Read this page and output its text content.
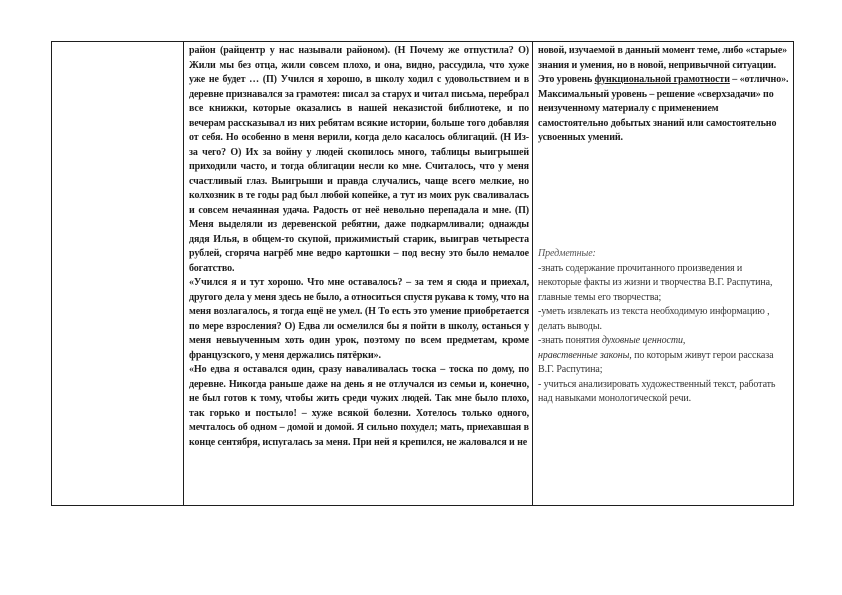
район (райцентр у нас называли районом). (Н Почему же отпустила? О) Жили мы без отца, жили совсем плохо, и она, видно, рассудила, что хуже уже не будет … (П) Учился я хорошо, в школу ходил с удовольствием и в деревне признавался за грамотея: писал за старух и читал письма, перебрал все книжки, которые оказались в нашей неказистой библиотеке, и по вечерам рассказывал из них ребятам всякие истории, больше того добавляя от себя. Но особенно в меня верили, когда дело касалось облигаций. (Н Из-за чего? О) Их за войну у людей скопилось много, таблицы выигрышей приходили часто, и тогда облигации несли ко мне. Считалось, что у меня счастливый глаз. Выигрыши и правда случались, чаще всего мелкие, но колхозник в те годы рад был любой копейке, а тут из моих рук сваливалась и совсем нечаянная удача. Радость от неё невольно перепадала и мне. (П) Меня выделяли из деревенской ребятни, даже подкармливали; однажды дядя Илья, в общем-то скупой, прижимистый старик, выиграв четыреста рублей, сгоряча нагрёб мне ведро картошки – под весну это было немалое богатство.

«Учился я и тут хорошо. Что мне оставалось? – за тем я сюда и приехал, другого дела у меня здесь не было, а относиться спустя рукава к тому, что на меня возлагалось, я тогда ещё не умел. (Н То есть это умение приобретается по мере взросления? О) Едва ли осмелился бы я пойти в школу, останься у меня невыученным хоть один урок, поэтому по всем предметам, кроме французского, у меня держались пятёрки».

«Но едва я оставался один, сразу наваливалась тоска – тоска по дому, по деревне. Никогда раньше даже на день я не отлучался из семьи и, конечно, не был готов к тому, чтобы жить среди чужих людей. Так мне было плохо, так горько и постыло! – хуже всякой болезни. Хотелось только одного, мечталось об одном – домой и домой. Я сильно похудел; мать, приехавшая в конце сентября, испугалась за меня. При ней я крепился, не жаловался и не

новой, изучаемой в данный момент теме, либо «старые» знания и умения, но в новой, непривычной ситуации. Это уровень функциональной грамотности – «отлично». Максимальный уровень – решение «сверхзадачи» по неизученному материалу с применением самостоятельно добытых знаний или самостоятельно усвоенных умений.

Предметные:

-знать содержание прочитанного произведения и некоторые факты из жизни и творчества В.Г. Распутина, главные темы его творчества;

-уметь извлекать из текста необходимую информацию , делать выводы.

-знать понятия духовные ценности,
нравственные законы, по которым живут герои рассказа В.Г. Распутина;

- учиться анализировать художественный текст, работать над навыками монологической речи.
